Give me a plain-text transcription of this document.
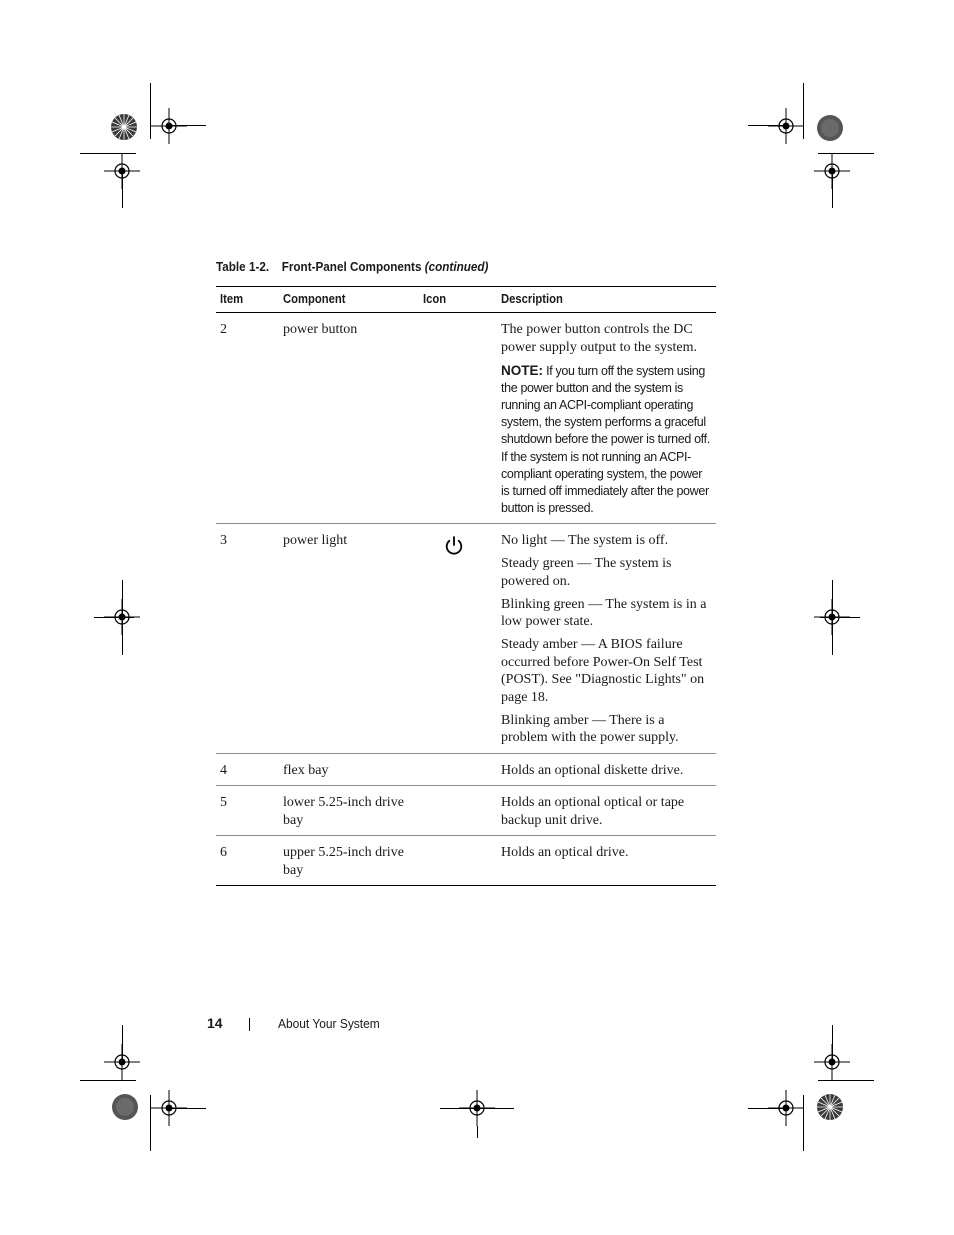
Table 1-2. Front-Panel Components (continued)
Item	Component	Icon	Description
2	power button		The power button controls the DC power supply output to the system.

NOTE: If you turn off the system using the power button and the system is running an ACPI-compliant operating system, the system performs a graceful shutdown before the power is turned off. If the system is not running an ACPI-compliant operating system, the power is turned off immediately after the power button is pressed.

3	power light		No light — The system is off.

Steady green — The system is powered on.

Blinking green — The system is in a low power state.

Steady amber — A BIOS failure occurred before Power-On Self Test (POST). See "Diagnostic Lights" on page 18.

Blinking amber — There is a problem with the power supply.

4	flex bay		Holds an optional diskette drive.

5	lower 5.25-inch drive bay		Holds an optional optical or tape backup unit drive.

6	upper 5.25-inch drive bay		Holds an optical drive.

14	About Your System
